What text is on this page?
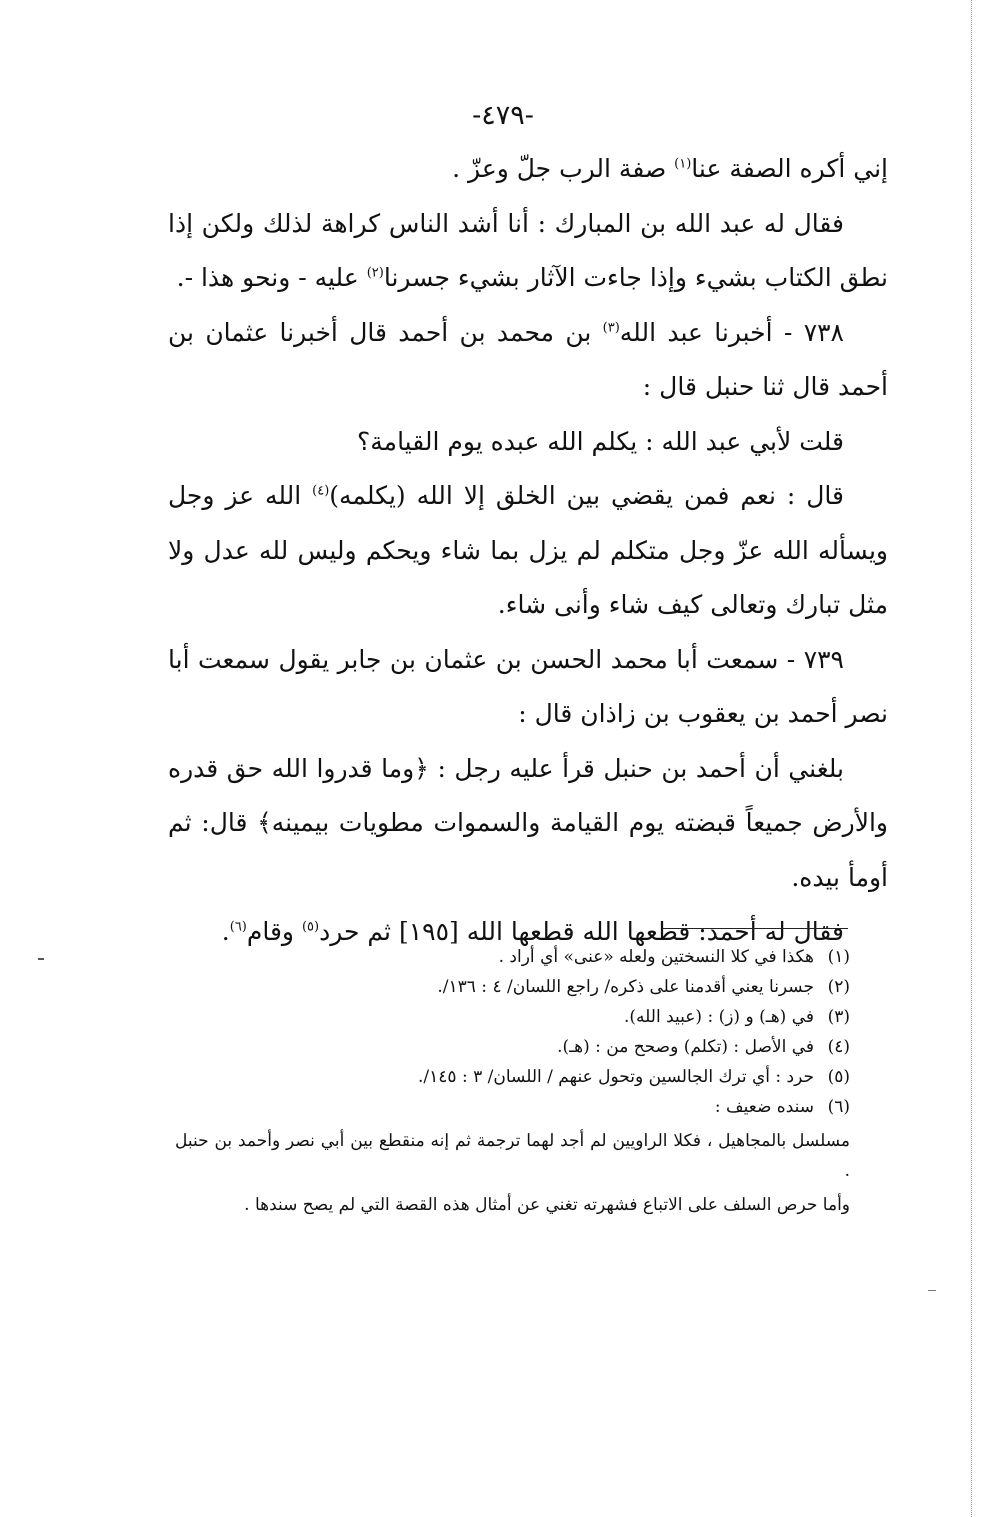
-٤٧٩-

إني أكره الصفة عنا$^{(١)}$ صفة الرب جلّ وعزّ .

فقال له عبد الله بن المبارك : أنا أشد الناس كراهة لذلك ولكن إذا نطق الكتاب بشيء وإذا جاءت الآثار بشيء جسرنا$^{(٢)}$ عليه - ونحو هذا -.

٧٣٨ - أخبرنا عبد الله$^{(٣)}$ بن محمد بن أحمد قال أخبرنا عثمان بن أحمد قال ثنا حنبل قال :

قلت لأبي عبد الله : يكلم الله عبده يوم القيامة؟

قال : نعم فمن يقضي بين الخلق إلا الله (يكلمه)$^{(٤)}$ الله عز وجل ويسأله الله عزّ وجل متكلم لم يزل بما شاء ويحكم وليس لله عدل ولا مثل تبارك وتعالى كيف شاء وأنى شاء.

٧٣٩ - سمعت أبا محمد الحسن بن عثمان بن جابر يقول سمعت أبا نصر أحمد بن يعقوب بن زاذان قال :

بلغني أن أحمد بن حنبل قرأ عليه رجل : ﴿وما قدروا الله حق قدره والأرض جميعاً قبضته يوم القيامة والسموات مطويات بيمينه﴾ قال: ثم أومأ بيده.

فقال له أحمد: قطعها الله قطعها الله [١٩٥] ثم حرد$^{(٥)}$ وقام$^{(٦)}$.

(١)هكذا في كلا النسختين ولعله «عنى» أي أراد .

(٢)جسرنا يعني أقدمنا على ذكره/ راجع اللسان/ ٤ : ١٣٦/.

(٣)في (هـ) و (ز) : (عبيد الله).

(٤)في الأصل : (تكلم) وصحح من : (هـ).

(٥)حرد : أي ترك الجالسين وتحول عنهم / اللسان/ ٣ : ١٤٥/.

(٦)سنده ضعيف :

مسلسل بالمجاهيل ، فكلا الراويين لم أجد لهما ترجمة ثم إنه منقطع بين أبي نصر وأحمد بن حنبل .

وأما حرص السلف على الاتباع فشهرته تغني عن أمثال هذه القصة التي لم يصح سندها .
